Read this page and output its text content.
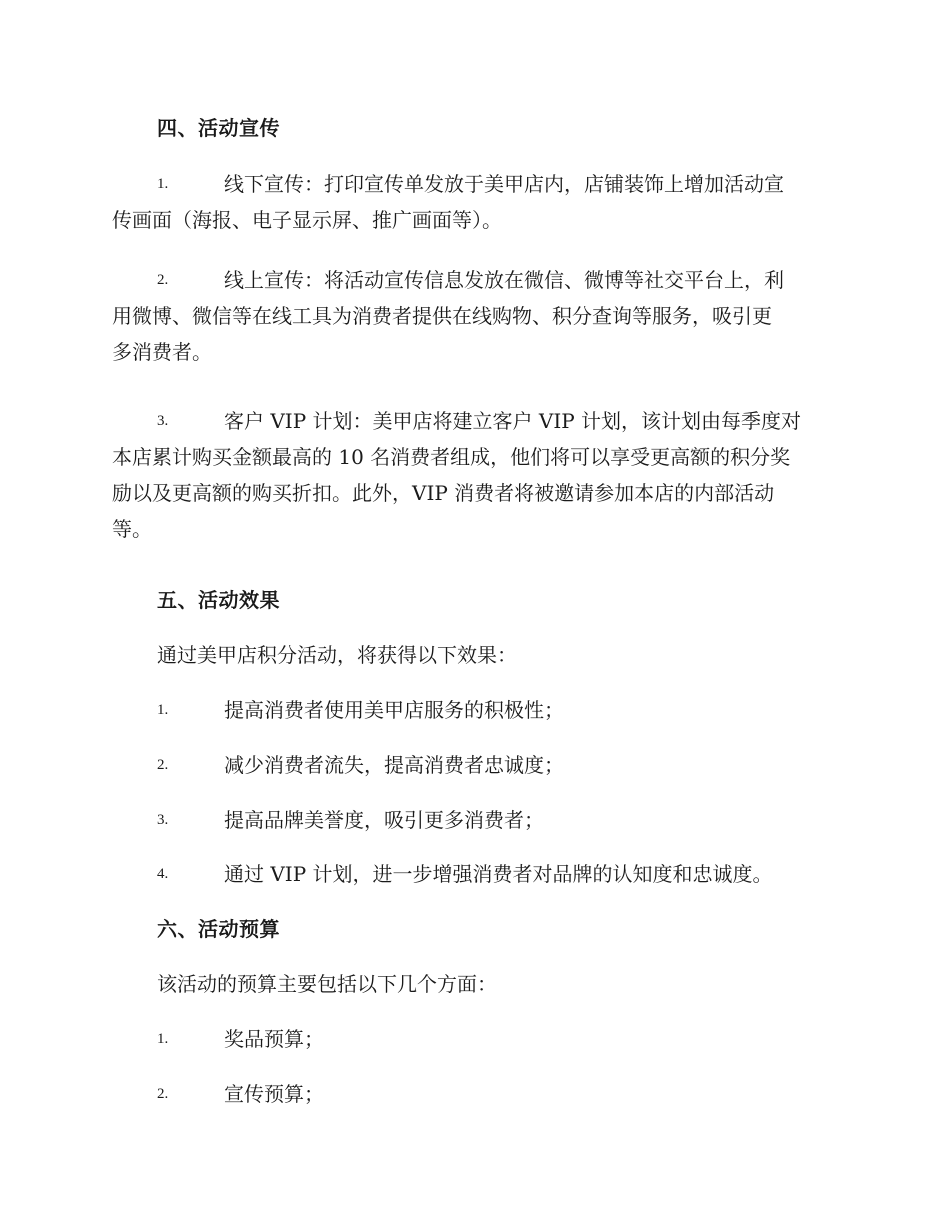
四、活动宣传
1.	线下宣传：打印宣传单发放于美甲店内，店铺装饰上增加活动宣
传画面（海报、电子显示屏、推广画面等）。
2.	线上宣传：将活动宣传信息发放在微信、微博等社交平台上，利
用微博、微信等在线工具为消费者提供在线购物、积分查询等服务，吸引更
多消费者。
3.	客户 VIP 计划：美甲店将建立客户 VIP 计划，该计划由每季度对
本店累计购买金额最高的 10 名消费者组成，他们将可以享受更高额的积分奖
励以及更高额的购买折扣。此外，VIP 消费者将被邀请参加本店的内部活动
等。
五、活动效果
通过美甲店积分活动，将获得以下效果：
1.	提高消费者使用美甲店服务的积极性；
2.	减少消费者流失，提高消费者忠诚度；
3.	提高品牌美誉度，吸引更多消费者；
4.	通过 VIP 计划，进一步增强消费者对品牌的认知度和忠诚度。
六、活动预算
该活动的预算主要包括以下几个方面：
1.	奖品预算；
2.	宣传预算；
